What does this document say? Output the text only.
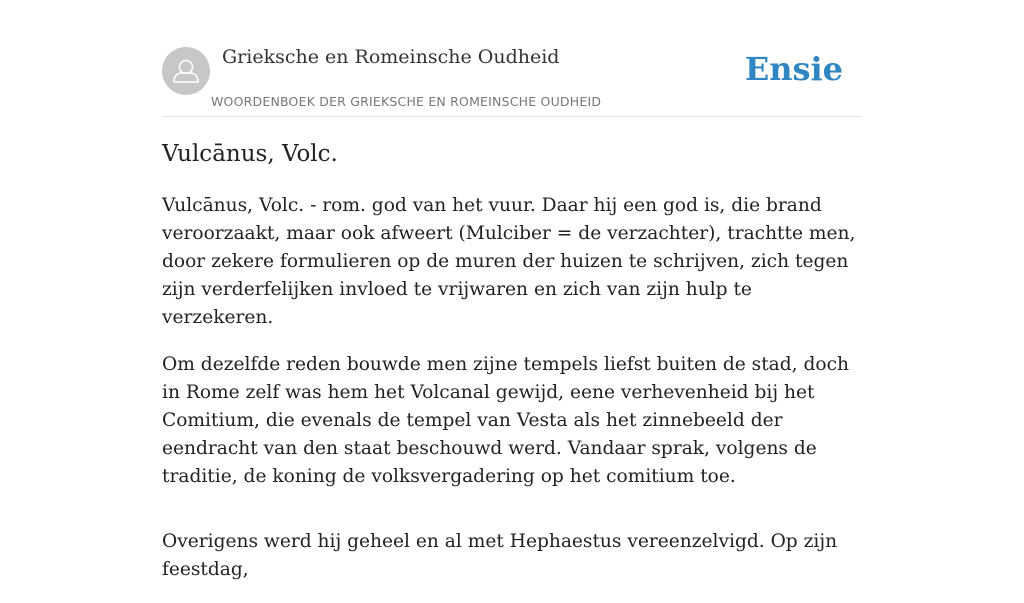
Grieksche en Romeinsche Oudheid
WOORDENBOEK DER GRIEKSCHE EN ROMEINSCHE OUDHEID
Ensie
Vulcānus, Volc.

Vulcānus, Volc. - rom. god van het vuur. Daar hij een god is, die brand veroorzaakt, maar ook afweert (Mulciber = de verzachter), trachtte men, door zekere formulieren op de muren der huizen te schrijven, zich tegen zijn verderfelijken invloed te vrijwaren en zich van zijn hulp te verzekeren.

Om dezelfde reden bouwde men zijne tempels liefst buiten de stad, doch in Rome zelf was hem het Volcanal gewijd, eene verhevenheid bij het Comitium, die evenals de tempel van Vesta als het zinnebeeld der eendracht van den staat beschouwd werd. Vandaar sprak, volgens de traditie, de koning de volksvergadering op het comitium toe.

Overigens werd hij geheel en al met Hephaestus vereenzelvigd. Op zijn feestdag,
